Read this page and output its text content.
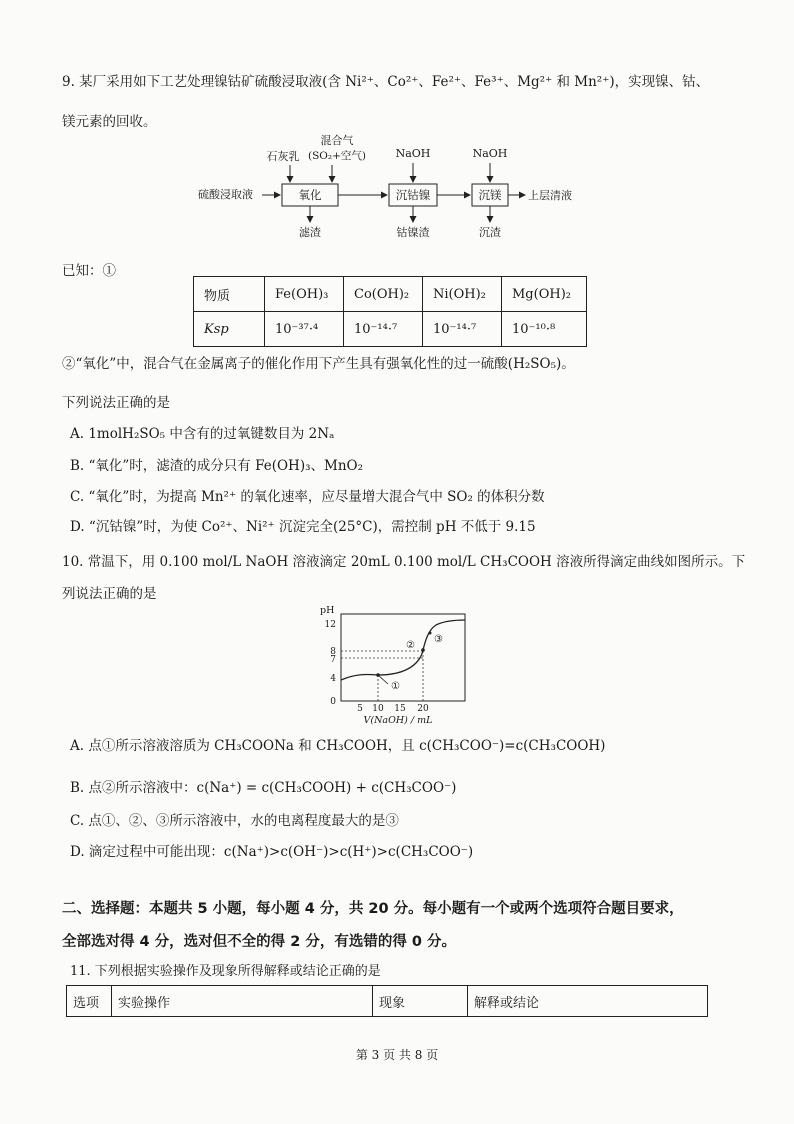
9. 某厂采用如下工艺处理镍钴矿硫酸浸取液(含 Ni²⁺、Co²⁺、Fe²⁺、Fe³⁺、Mg²⁺ 和 Mn²⁺)，实现镍、钴、
镁元素的回收。
硫酸浸取液	氧化
石灰乳
混合气
(SO₂+空气)
滤渣
沉钴镍
NaOH
钴镍渣
沉镁
NaOH
沉渣
上层清液
已知：①
物质	Fe(OH)₃	Co(OH)₂	Ni(OH)₂	Mg(OH)₂
Ksp	10⁻³⁷·⁴	10⁻¹⁴·⁷	10⁻¹⁴·⁷	10⁻¹⁰·⁸
②“氧化”中，混合气在金属离子的催化作用下产生具有强氧化性的过一硫酸(H₂SO₅)。
下列说法正确的是
A. 1molH₂SO₅ 中含有的过氧键数目为 2Nₐ
B. “氧化”时，滤渣的成分只有 Fe(OH)₃、MnO₂
C. “氧化”时，为提高 Mn²⁺ 的氧化速率，应尽量增大混合气中 SO₂ 的体积分数
D. “沉钴镍”时，为使 Co²⁺、Ni²⁺ 沉淀完全(25°C)，需控制 pH 不低于 9.15
10. 常温下，用 0.100 mol/L NaOH 溶液滴定 20mL 0.100 mol/L CH₃COOH 溶液所得滴定曲线如图所示。下
列说法正确的是
pH
12
8
7
4
0
①
②
③
5 10 15 20
V(NaOH) / mL
A. 点①所示溶液溶质为 CH₃COONa 和 CH₃COOH，且 c(CH₃COO⁻)=c(CH₃COOH)
B. 点②所示溶液中：c(Na⁺) = c(CH₃COOH) + c(CH₃COO⁻)
C. 点①、②、③所示溶液中，水的电离程度最大的是③
D. 滴定过程中可能出现：c(Na⁺)>c(OH⁻)>c(H⁺)>c(CH₃COO⁻)
二、选择题：本题共 5 小题，每小题 4 分，共 20 分。每小题有一个或两个选项符合题目要求，
全部选对得 4 分，选对但不全的得 2 分，有选错的得 0 分。
11. 下列根据实验操作及现象所得解释或结论正确的是
选项	实验操作	现象	解释或结论
第 3 页 共 8 页
